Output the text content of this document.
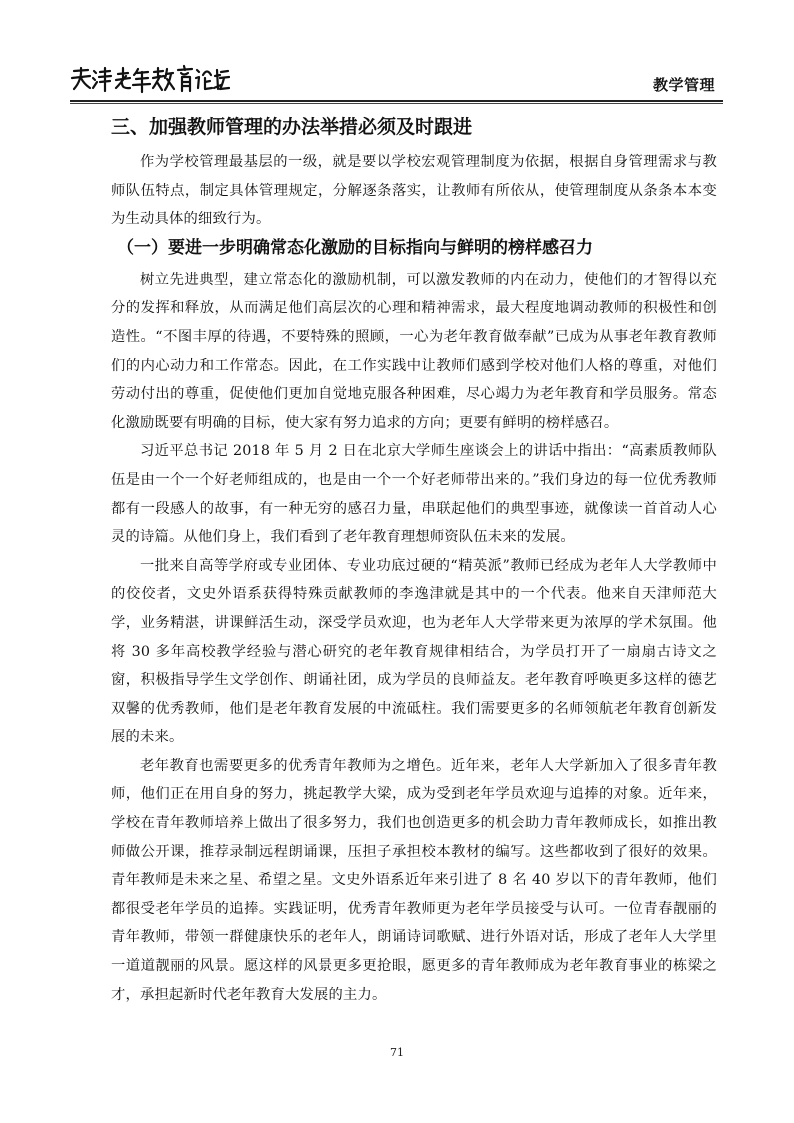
教学管理
三、加强教师管理的办法举措必须及时跟进

作为学校管理最基层的一级，就是要以学校宏观管理制度为依据，根据自身管理需求与教师队伍特点，制定具体管理规定，分解逐条落实，让教师有所依从，使管理制度从条条本本变为生动具体的细致行为。

（一）要进一步明确常态化激励的目标指向与鲜明的榜样感召力

树立先进典型，建立常态化的激励机制，可以激发教师的内在动力，使他们的才智得以充分的发挥和释放，从而满足他们高层次的心理和精神需求，最大程度地调动教师的积极性和创造性。“不图丰厚的待遇，不要特殊的照顾，一心为老年教育做奉献”已成为从事老年教育教师们的内心动力和工作常态。因此，在工作实践中让教师们感到学校对他们人格的尊重，对他们劳动付出的尊重，促使他们更加自觉地克服各种困难，尽心竭力为老年教育和学员服务。常态化激励既要有明确的目标，使大家有努力追求的方向；更要有鲜明的榜样感召。

习近平总书记 2018 年 5 月 2 日在北京大学师生座谈会上的讲话中指出：“高素质教师队伍是由一个一个好老师组成的，也是由一个一个好老师带出来的。”我们身边的每一位优秀教师都有一段感人的故事，有一种无穷的感召力量，串联起他们的典型事迹，就像读一首首动人心灵的诗篇。从他们身上，我们看到了老年教育理想师资队伍未来的发展。

一批来自高等学府或专业团体、专业功底过硬的“精英派”教师已经成为老年人大学教师中的佼佼者，文史外语系获得特殊贡献教师的李逸津就是其中的一个代表。他来自天津师范大学，业务精湛，讲课鲜活生动，深受学员欢迎，也为老年人大学带来更为浓厚的学术氛围。他将 30 多年高校教学经验与潜心研究的老年教育规律相结合，为学员打开了一扇扇古诗文之窗，积极指导学生文学创作、朗诵社团，成为学员的良师益友。老年教育呼唤更多这样的德艺双馨的优秀教师，他们是老年教育发展的中流砥柱。我们需要更多的名师领航老年教育创新发展的未来。

老年教育也需要更多的优秀青年教师为之增色。近年来，老年人大学新加入了很多青年教师，他们正在用自身的努力，挑起教学大梁，成为受到老年学员欢迎与追捧的对象。近年来，学校在青年教师培养上做出了很多努力，我们也创造更多的机会助力青年教师成长，如推出教师做公开课，推荐录制远程朗诵课，压担子承担校本教材的编写。这些都收到了很好的效果。青年教师是未来之星、希望之星。文史外语系近年来引进了 8 名 40 岁以下的青年教师，他们都很受老年学员的追捧。实践证明，优秀青年教师更为老年学员接受与认可。一位青春靓丽的青年教师，带领一群健康快乐的老年人，朗诵诗词歌赋、进行外语对话，形成了老年人大学里一道道靓丽的风景。愿这样的风景更多更抢眼，愿更多的青年教师成为老年教育事业的栋梁之才，承担起新时代老年教育大发展的主力。

71
